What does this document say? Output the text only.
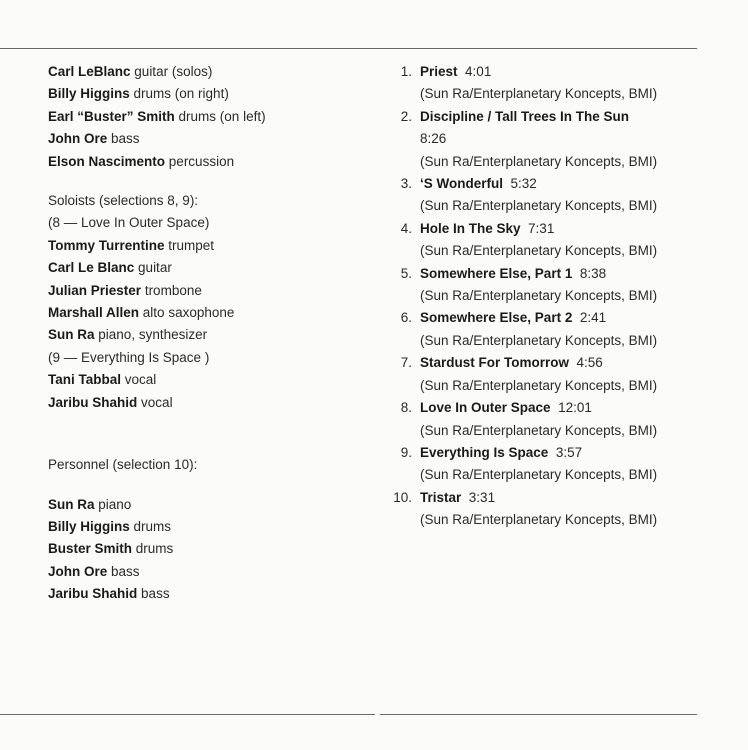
Carl LeBlanc guitar (solos)
Billy Higgins drums (on right)
Earl “Buster” Smith drums (on left)
John Ore bass
Elson Nascimento percussion
Soloists (selections 8, 9):
(8 — Love In Outer Space)
Tommy Turrentine trumpet
Carl Le Blanc guitar
Julian Priester trombone
Marshall Allen alto saxophone
Sun Ra piano, synthesizer
(9 — Everything Is Space )
Tani Tabbal vocal
Jaribu Shahid vocal
Personnel (selection 10):
Sun Ra piano
Billy Higgins drums
Buster Smith drums
John Ore bass
Jaribu Shahid bass
1. Priest 4:01
(Sun Ra/Enterplanetary Koncepts, BMI)
2. Discipline / Tall Trees In The Sun
8:26
(Sun Ra/Enterplanetary Koncepts, BMI)
3. ‘S Wonderful 5:32
(Sun Ra/Enterplanetary Koncepts, BMI)
4. Hole In The Sky 7:31
(Sun Ra/Enterplanetary Koncepts, BMI)
5. Somewhere Else, Part 1 8:38
(Sun Ra/Enterplanetary Koncepts, BMI)
6. Somewhere Else, Part 2 2:41
(Sun Ra/Enterplanetary Koncepts, BMI)
7. Stardust For Tomorrow 4:56
(Sun Ra/Enterplanetary Koncepts, BMI)
8. Love In Outer Space 12:01
(Sun Ra/Enterplanetary Koncepts, BMI)
9. Everything Is Space 3:57
(Sun Ra/Enterplanetary Koncepts, BMI)
10. Tristar 3:31
(Sun Ra/Enterplanetary Koncepts, BMI)
